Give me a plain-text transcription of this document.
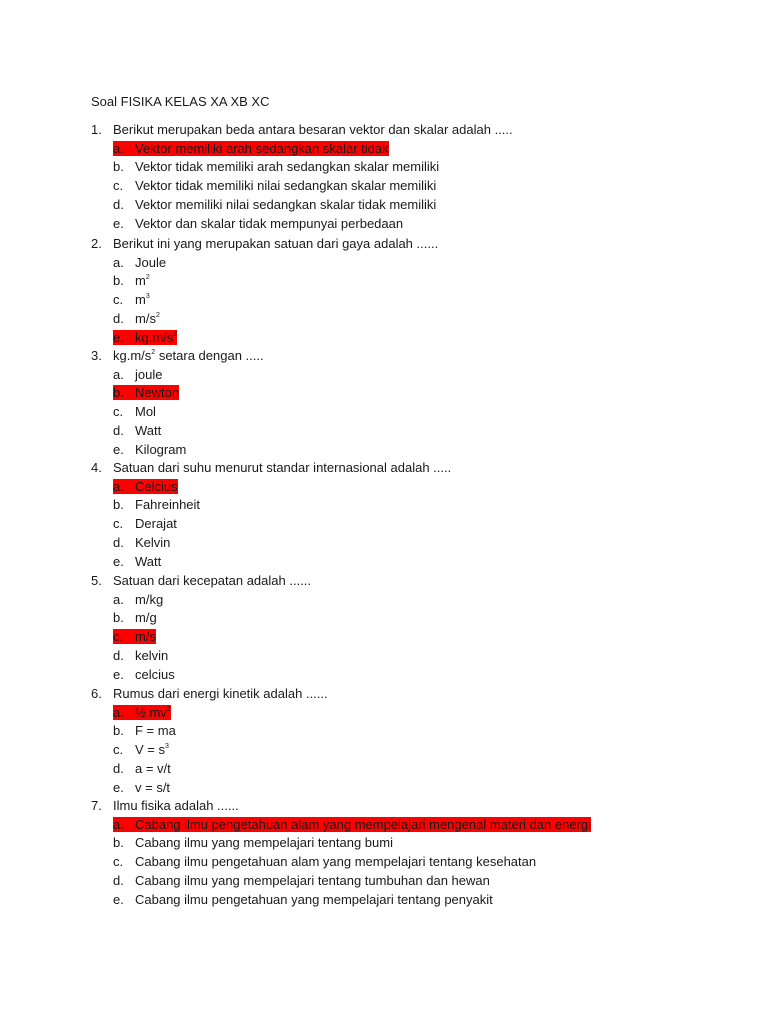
Soal FISIKA KELAS XA XB XC
1. Berikut merupakan beda antara besaran vektor dan skalar adalah .....
a. Vektor memiliki arah sedangkan skalar tidak
b. Vektor tidak memiliki arah sedangkan skalar memiliki
c. Vektor tidak memiliki nilai sedangkan skalar memiliki
d. Vektor memiliki nilai sedangkan skalar tidak memiliki
e. Vektor dan skalar tidak mempunyai perbedaan
2. Berikut ini yang merupakan satuan dari gaya adalah ......
a. Joule
b. $m^2$
c. $m^3$
d. $m/s^2$
e. $kg.m/s^2$
3. $kg.m/s^2$ setara dengan .....
a. joule
b. Newton
c. Mol
d. Watt
e. Kilogram
4. Satuan dari suhu menurut standar internasional adalah .....
a. Celcius
b. Fahreinheit
c. Derajat
d. Kelvin
e. Watt
5. Satuan dari kecepatan adalah ......
a. m/kg
b. m/g
c. m/s
d. kelvin
e. celcius
6. Rumus dari energi kinetik adalah ......
a. ½ $mv^2$
b. F = ma
c. $V = s^3$
d. a = v/t
e. v = s/t
7. Ilmu fisika adalah ......
a. Cabang ilmu pengetahuan alam yang mempelajari mengenal materi dan energi
b. Cabang ilmu yang mempelajari tentang bumi
c. Cabang ilmu pengetahuan alam yang mempelajari tentang kesehatan
d. Cabang ilmu yang mempelajari tentang tumbuhan dan hewan
e. Cabang ilmu pengetahuan yang mempelajari tentang penyakit
